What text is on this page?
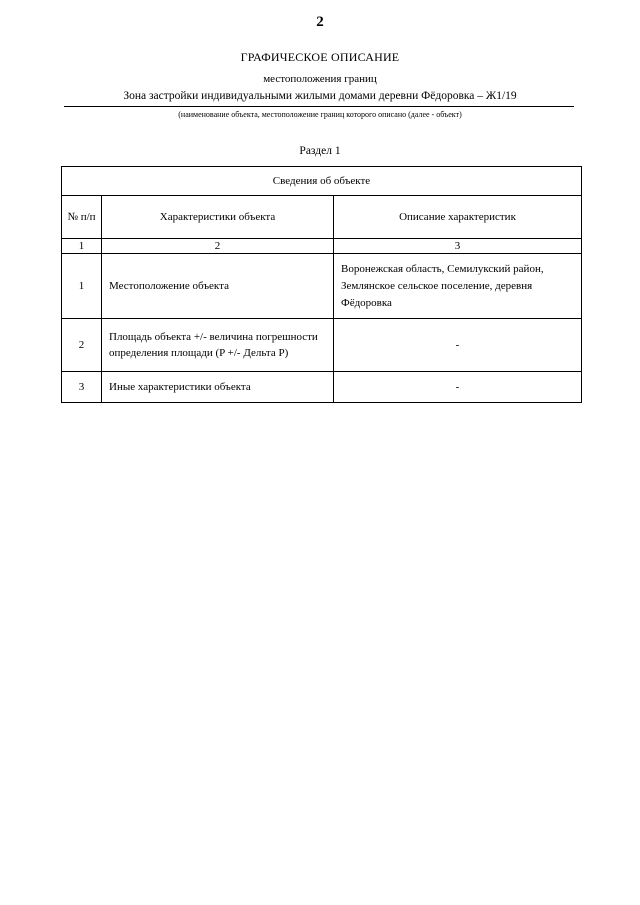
2
ГРАФИЧЕСКОЕ ОПИСАНИЕ
местоположения границ
Зона застройки индивидуальными жилыми домами деревни Фёдоровка – Ж1/19
(наименование объекта, местоположение границ которого описано (далее - объект)
Раздел 1
Сведения об объекте		
№ п/п	Характеристики объекта	Описание характеристик
1	2	3
1	Местоположение объекта	Воронежская область, Семилукский район, Землянское сельское поселение, деревня Фёдоровка
2	Площадь объекта +/- величина погрешности определения площади (P +/- Дельта P)	-
3	Иные характеристики объекта	-
